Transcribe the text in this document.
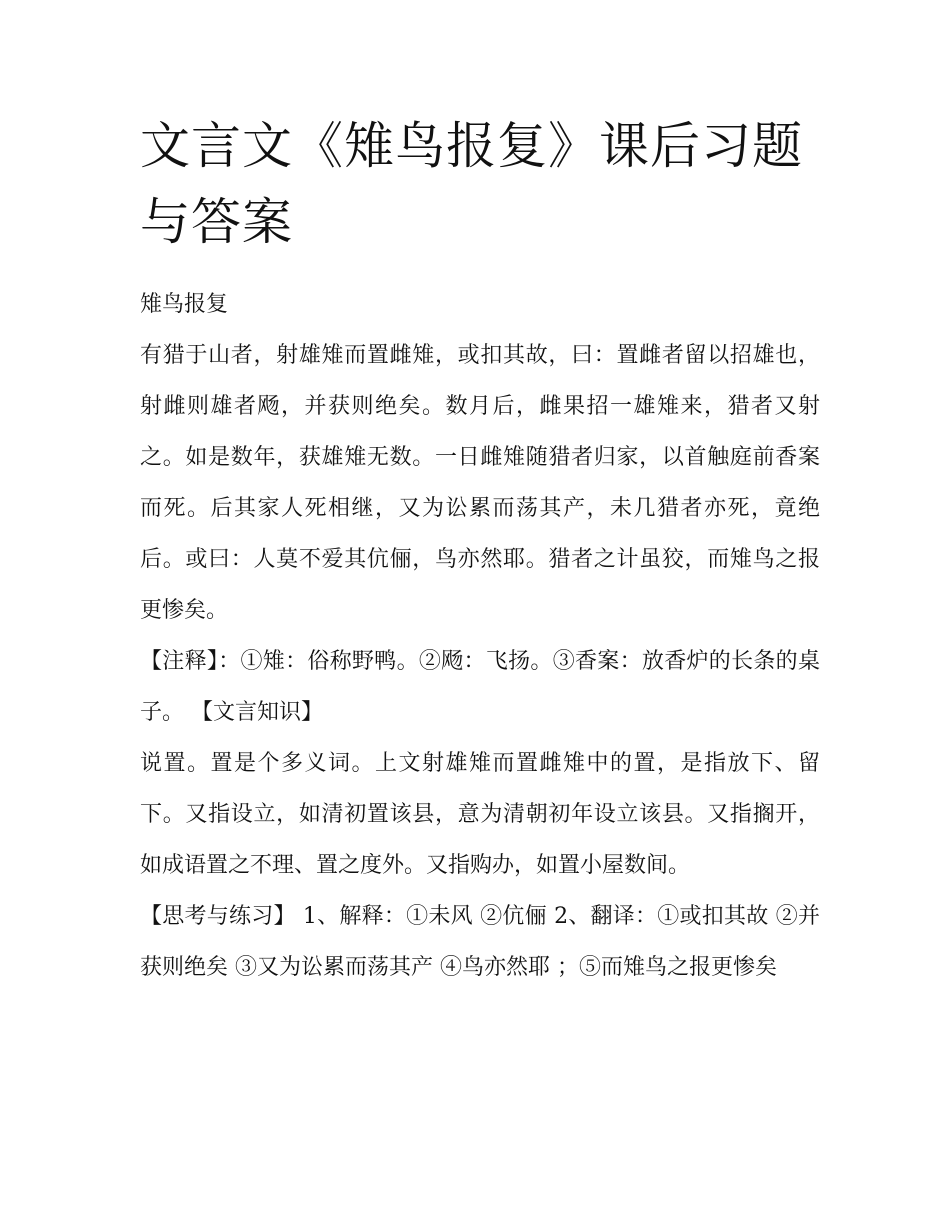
文言文《雉鸟报复》课后习题与答案

雉鸟报复

有猎于山者，射雄雉而置雌雉，或扣其故，曰：置雌者留以招雄也，射雌则雄者飏，并获则绝矣。数月后，雌果招一雄雉来，猎者又射之。如是数年，获雄雉无数。一日雌雉随猎者归家，以首触庭前香案而死。后其家人死相继，又为讼累而荡其产，未几猎者亦死，竟绝后。或曰：人莫不爱其伉俪，鸟亦然耶。猎者之计虽狡，而雉鸟之报更惨矣。

【注释】：①雉：俗称野鸭。②飏：飞扬。③香案：放香炉的长条的桌子。 【文言知识】

说置。置是个多义词。上文射雄雉而置雌雉中的置，是指放下、留下。又指设立，如清初置该县，意为清朝初年设立该县。又指搁开，如成语置之不理、置之度外。又指购办，如置小屋数间。

【思考与练习】 1、解释：①未风 ②伉俪 2、翻译：①或扣其故 ②并获则绝矣 ③又为讼累而荡其产 ④鸟亦然耶 ；⑤而雉鸟之报更惨矣
